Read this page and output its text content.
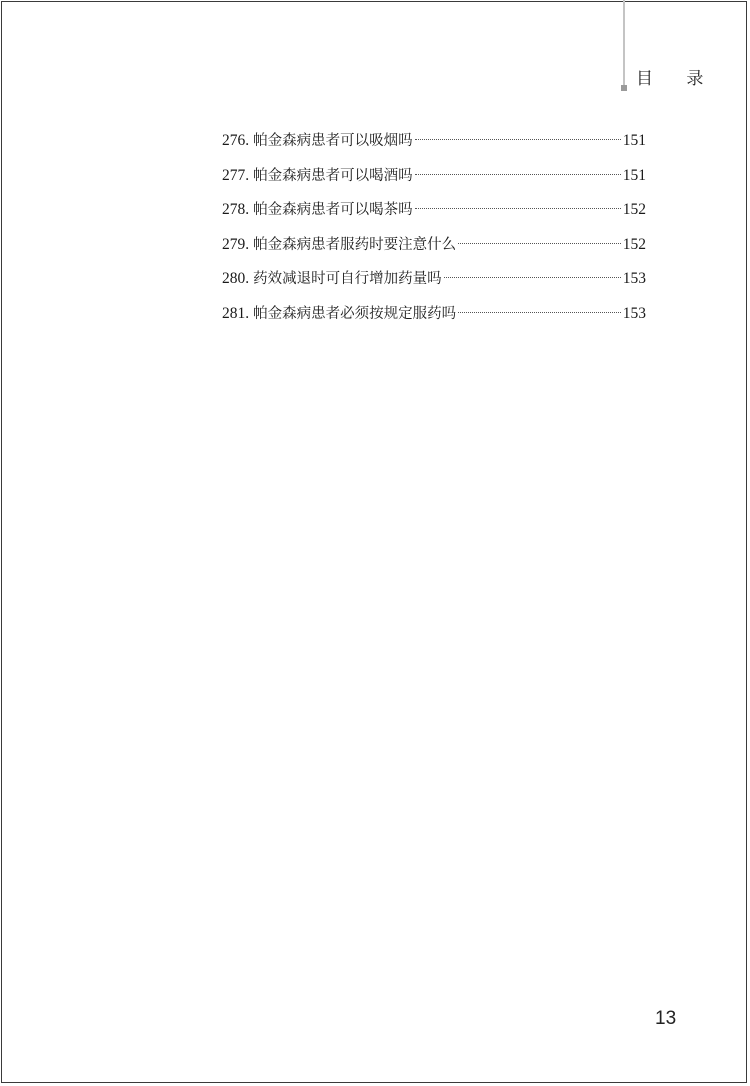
目 录
276. 帕金森病患者可以吸烟吗	151
277. 帕金森病患者可以喝酒吗	151
278. 帕金森病患者可以喝茶吗	152
279. 帕金森病患者服药时要注意什么	152
280. 药效减退时可自行增加药量吗	153
281. 帕金森病患者必须按规定服药吗	153
13
